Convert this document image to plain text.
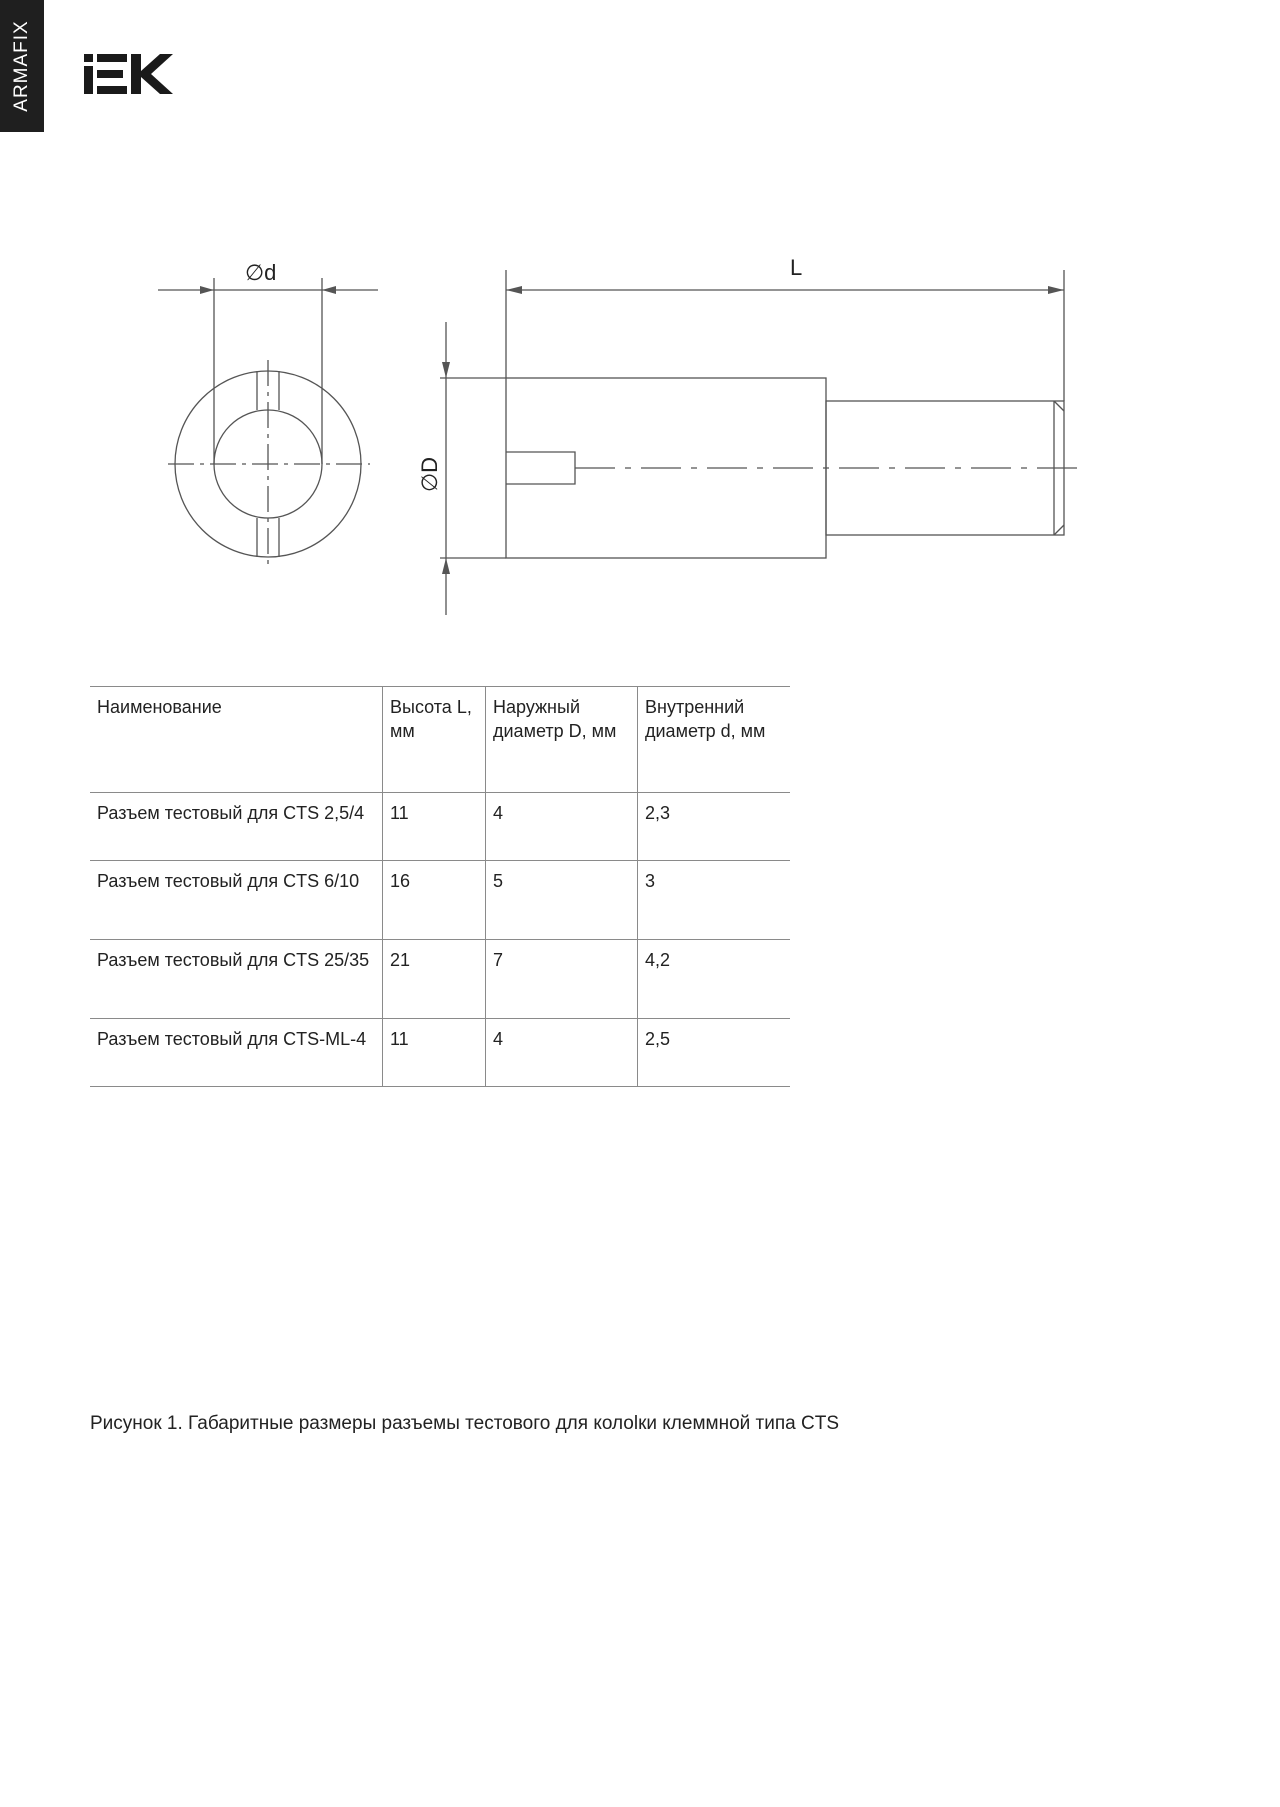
ARMAFIX
∅d	L
∅D
Наименование	Высота L, мм	Наружный диаметр D, мм	Внутренний диаметр d, мм
Разъем тестовый для CTS 2,5/4	11	4	2,3
Разъем тестовый для CTS 6/10	16	5	3
Разъем тестовый для CTS 25/35	21	7	4,2
Разъем тестовый для CTS-ML-4	11	4	2,5
Рисунок 1. Габаритные размеры разъемы тестового для колоlки клеммной типа CTS
